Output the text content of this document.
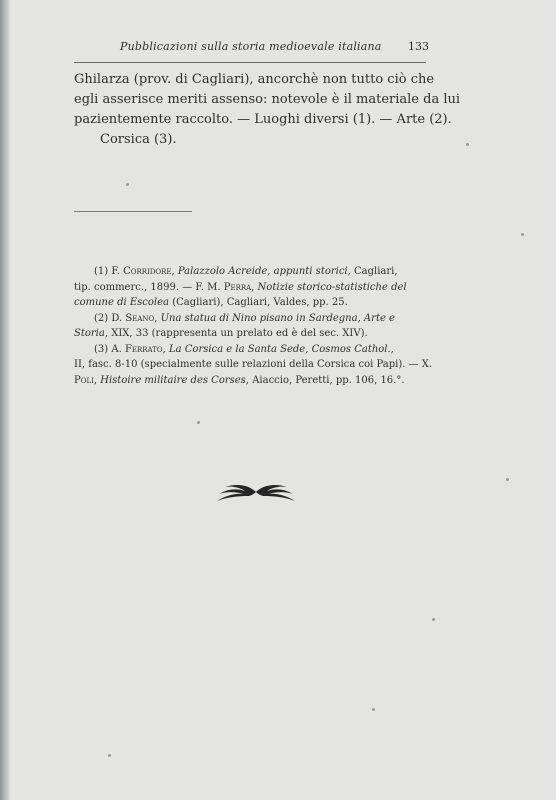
Pubblicazioni sulla storia medioevale italiana	133
Ghilarza (prov. di Cagliari), ancorchè non tutto ciò che
egli asserisce meriti assenso: notevole è il materiale da lui
pazientemente raccolto. — Luoghi diversi (1). — Arte (2).
Corsica (3).
(1) F. Corridore, Palazzolo Acreide, appunti storici, Cagliari,
tip. commerc., 1899. — F. M. Perra, Notizie storico-statistiche del
comune di Escolea (Cagliari), Cagliari, Valdes, pp. 25.
(2) D. Seano, Una statua di Nino pisano in Sardegna, Arte e
Storia, XIX, 33 (rappresenta un prelato ed è del sec. XIV).
(3) A. Ferrato, La Corsica e la Santa Sede, Cosmos Cathol.,
II, fasc. 8-10 (specialmente sulle relazioni della Corsica coi Papi). — X.
Poli, Histoire militaire des Corses, Aiaccio, Peretti, pp. 106, 16.°.
